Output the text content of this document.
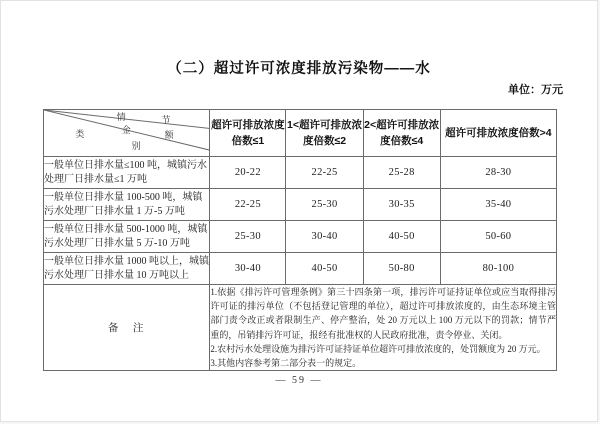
（二）超过许可浓度排放污染物——水
单位：万元
情	节
金	额
类
别
	超许可排放浓度倍数≤1	1<超许可排放浓度倍数≤2	2<超许可排放浓度倍数≤4	超许可排放浓度倍数>4
一般单位日排水量≤100 吨，城镇污水处理厂日排水量≤1 万吨	20-22	22-25	25-28	28-30
一般单位日排水量 100-500 吨，城镇污水处理厂日排水量 1 万-5 万吨	22-25	25-30	30-35	35-40
一般单位日排水量 500-1000 吨，城镇污水处理厂日排水量 5 万-10 万吨	25-30	30-40	40-50	50-60
一般单位日排水量 1000 吨以上，城镇污水处理厂日排水量 10 万吨以上	30-40	40-50	50-80	80-100
备　注	1.依据《排污许可管理条例》第三十四条第一项，排污许可证持证单位或应当取得排污许可证的排污单位（不包括登记管理的单位），超过许可排放浓度的，由生态环境主管部门责令改正或者限制生产、停产整治，处 20 万元以上 100 万元以下的罚款；情节严重的，吊销排污许可证，报经有批准权的人民政府批准，责令停业、关闭。
2.农村污水处理设施为排污许可证持证单位超许可排放浓度的，处罚额度为 20 万元。
3.其他内容参考第二部分表一的规定。			
— 59 —
